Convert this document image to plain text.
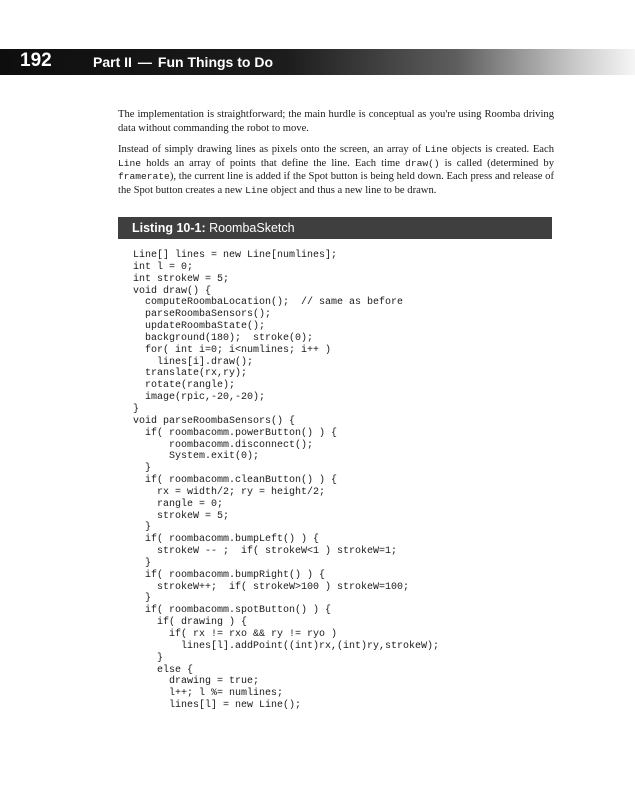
192	Part II — Fun Things to Do

The implementation is straightforward; the main hurdle is conceptual as you're using Roomba driving data without commanding the robot to move.

Instead of simply drawing lines as pixels onto the screen, an array of Line objects is created. Each Line holds an array of points that define the line. Each time draw() is called (determined by framerate), the current line is added if the Spot button is being held down. Each press and release of the Spot button creates a new Line object and thus a new line to be drawn.

Listing 10-1: RoombaSketch
Line[] lines = new Line[numlines];
int l = 0;
int strokeW = 5;
void draw() {
computeRoombaLocation();  // same as before
parseRoombaSensors();
updateRoombaState();
background(180);  stroke(0);
for( int i=0; i<numlines; i++ )
lines[i].draw();
translate(rx,ry);
rotate(rangle);
image(rpic,-20,-20);
}
void parseRoombaSensors() {
if( roombacomm.powerButton() ) {
roombacomm.disconnect();
System.exit(0);
}
if( roombacomm.cleanButton() ) {
rx = width/2; ry = height/2;
rangle = 0;
strokeW = 5;
}
if( roombacomm.bumpLeft() ) {
strokeW -- ;  if( strokeW<1 ) strokeW=1;
}
if( roombacomm.bumpRight() ) {
strokeW++;  if( strokeW>100 ) strokeW=100;
}
if( roombacomm.spotButton() ) {
if( drawing ) {
if( rx != rxo && ry != ryo )
lines[l].addPoint((int)rx,(int)ry,strokeW);
}
else {
drawing = true;
l++; l %= numlines;
lines[l] = new Line();
